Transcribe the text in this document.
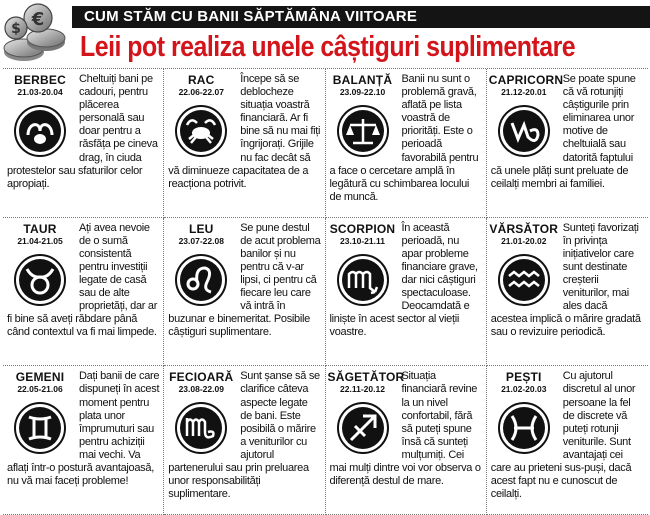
€
$
CUM STĂM CU BANII SĂPTĂMÂNA VIITOARE
Leii pot realiza unele câștiguri suplimentare
BERBEC
21.03-20.04
Cheltuiți bani pe cadouri, pentru plăcerea personală sau doar pentru a răsfăța pe cineva drag, în ciuda protestelor sau sfaturilor celor apropiați.
RAC
22.06-22.07
Începe să se deblocheze situația voastră financiară. Ar fi bine să nu mai fiți îngrijorați. Grijile nu fac decât să vă diminueze capacitatea de a reacționa potrivit.
BALANȚĂ
23.09-22.10
Banii nu sunt o problemă gravă, aflată pe lista voastră de priorități. Este o perioadă favorabilă pentru a face o cercetare amplă în legătură cu schimbarea locului de muncă.
CAPRICORN
21.12-20.01
Se poate spune că vă rotunjiți câștigurile prin eliminarea unor motive de cheltuială sau datorită faptului că unele plăți sunt preluate de ceilalți membri ai familiei.
TAUR
21.04-21.05
Ați avea nevoie de o sumă consistentă pentru investiții legate de casă sau de alte proprietăți, dar ar fi bine să aveți răbdare până când contextul va fi mai limpede.
LEU
23.07-22.08
Se pune destul de acut problema banilor și nu pentru că v-ar lipsi, ci pentru că fiecare leu care vă intră în buzunar e binemeritat. Posibile câștiguri suplimentare.
SCORPION
23.10-21.11
În această perioadă, nu apar probleme financiare grave, dar nici câștiguri spectaculoase. Deocamdată e liniște în acest sector al vieții voastre.
VĂRSĂTOR
21.01-20.02
Sunteți favorizați în privința inițiativelor care sunt destinate creșterii veniturilor, mai ales dacă acestea implică o mărire gradată sau o revizuire periodică.
GEMENI
22.05-21.06
Dați banii de care dispuneți în acest moment pentru plata unor împrumuturi sau pentru achiziții mai vechi. Va aflați într-o postură avantajoasă, nu vă mai faceți probleme!
FECIOARĂ
23.08-22.09
Sunt șanse să se clarifice câteva aspecte legate de bani. Este posibilă o mărire a veniturilor cu ajutorul partenerului sau prin preluarea unor responsabilități suplimentare.
SĂGETĂTOR
22.11-20.12
Situația financiară revine la un nivel confortabil, fără să puteți spune însă că sunteți mulțumiți. Cei mai mulți dintre voi vor observa o diferență destul de mare.
PEȘTI
21.02-20.03
Cu ajutorul discretul al unor persoane la fel de discrete vă puteți rotunji veniturile. Sunt avantajați cei care au prieteni sus-puși, dacă acest fapt nu e cunoscut de ceilalți.
